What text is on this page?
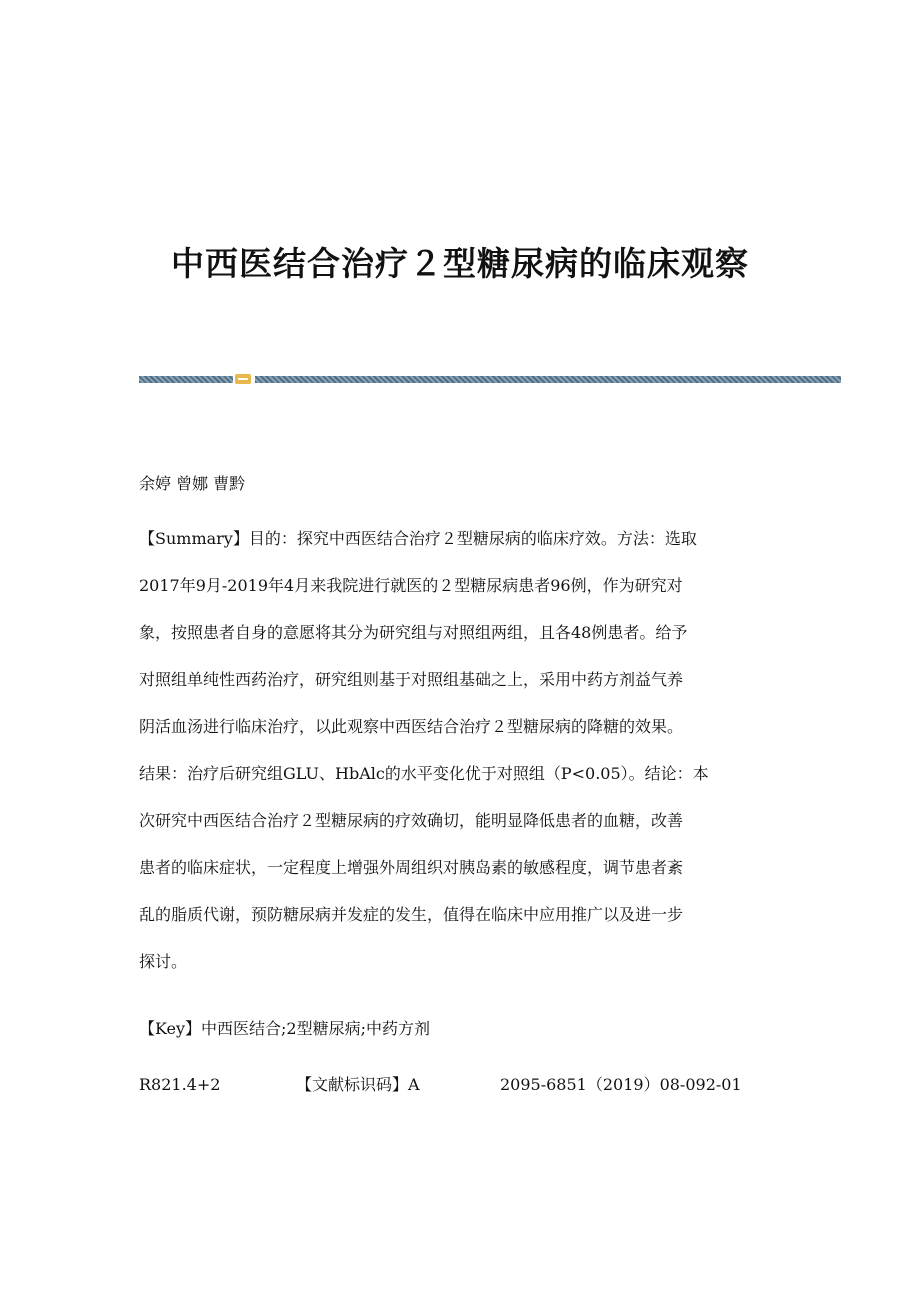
中西医结合治疗２型糖尿病的临床观察
余婷 曾娜 曹黔
【Summary】目的：探究中西医结合治疗２型糖尿病的临床疗效。方法：选取
2017年9月-2019年4月来我院进行就医的２型糖尿病患者96例，作为研究对
象，按照患者自身的意愿将其分为研究组与对照组两组，且各48例患者。给予
对照组单纯性西药治疗，研究组则基于对照组基础之上，采用中药方剂益气养
阴活血汤进行临床治疗，以此观察中西医结合治疗２型糖尿病的降糖的效果。
结果：治疗后研究组GLU、HbAlc的水平变化优于对照组（P<0.05）。结论：本
次研究中西医结合治疗２型糖尿病的疗效确切，能明显降低患者的血糖，改善
患者的临床症状，一定程度上增强外周组织对胰岛素的敏感程度，调节患者紊
乱的脂质代谢，预防糖尿病并发症的发生，值得在临床中应用推广以及进一步
探讨。
【Key】中西医结合;2型糖尿病;中药方剂
R821.4+2	【文献标识码】A	2095-6851（2019）08-092-01
